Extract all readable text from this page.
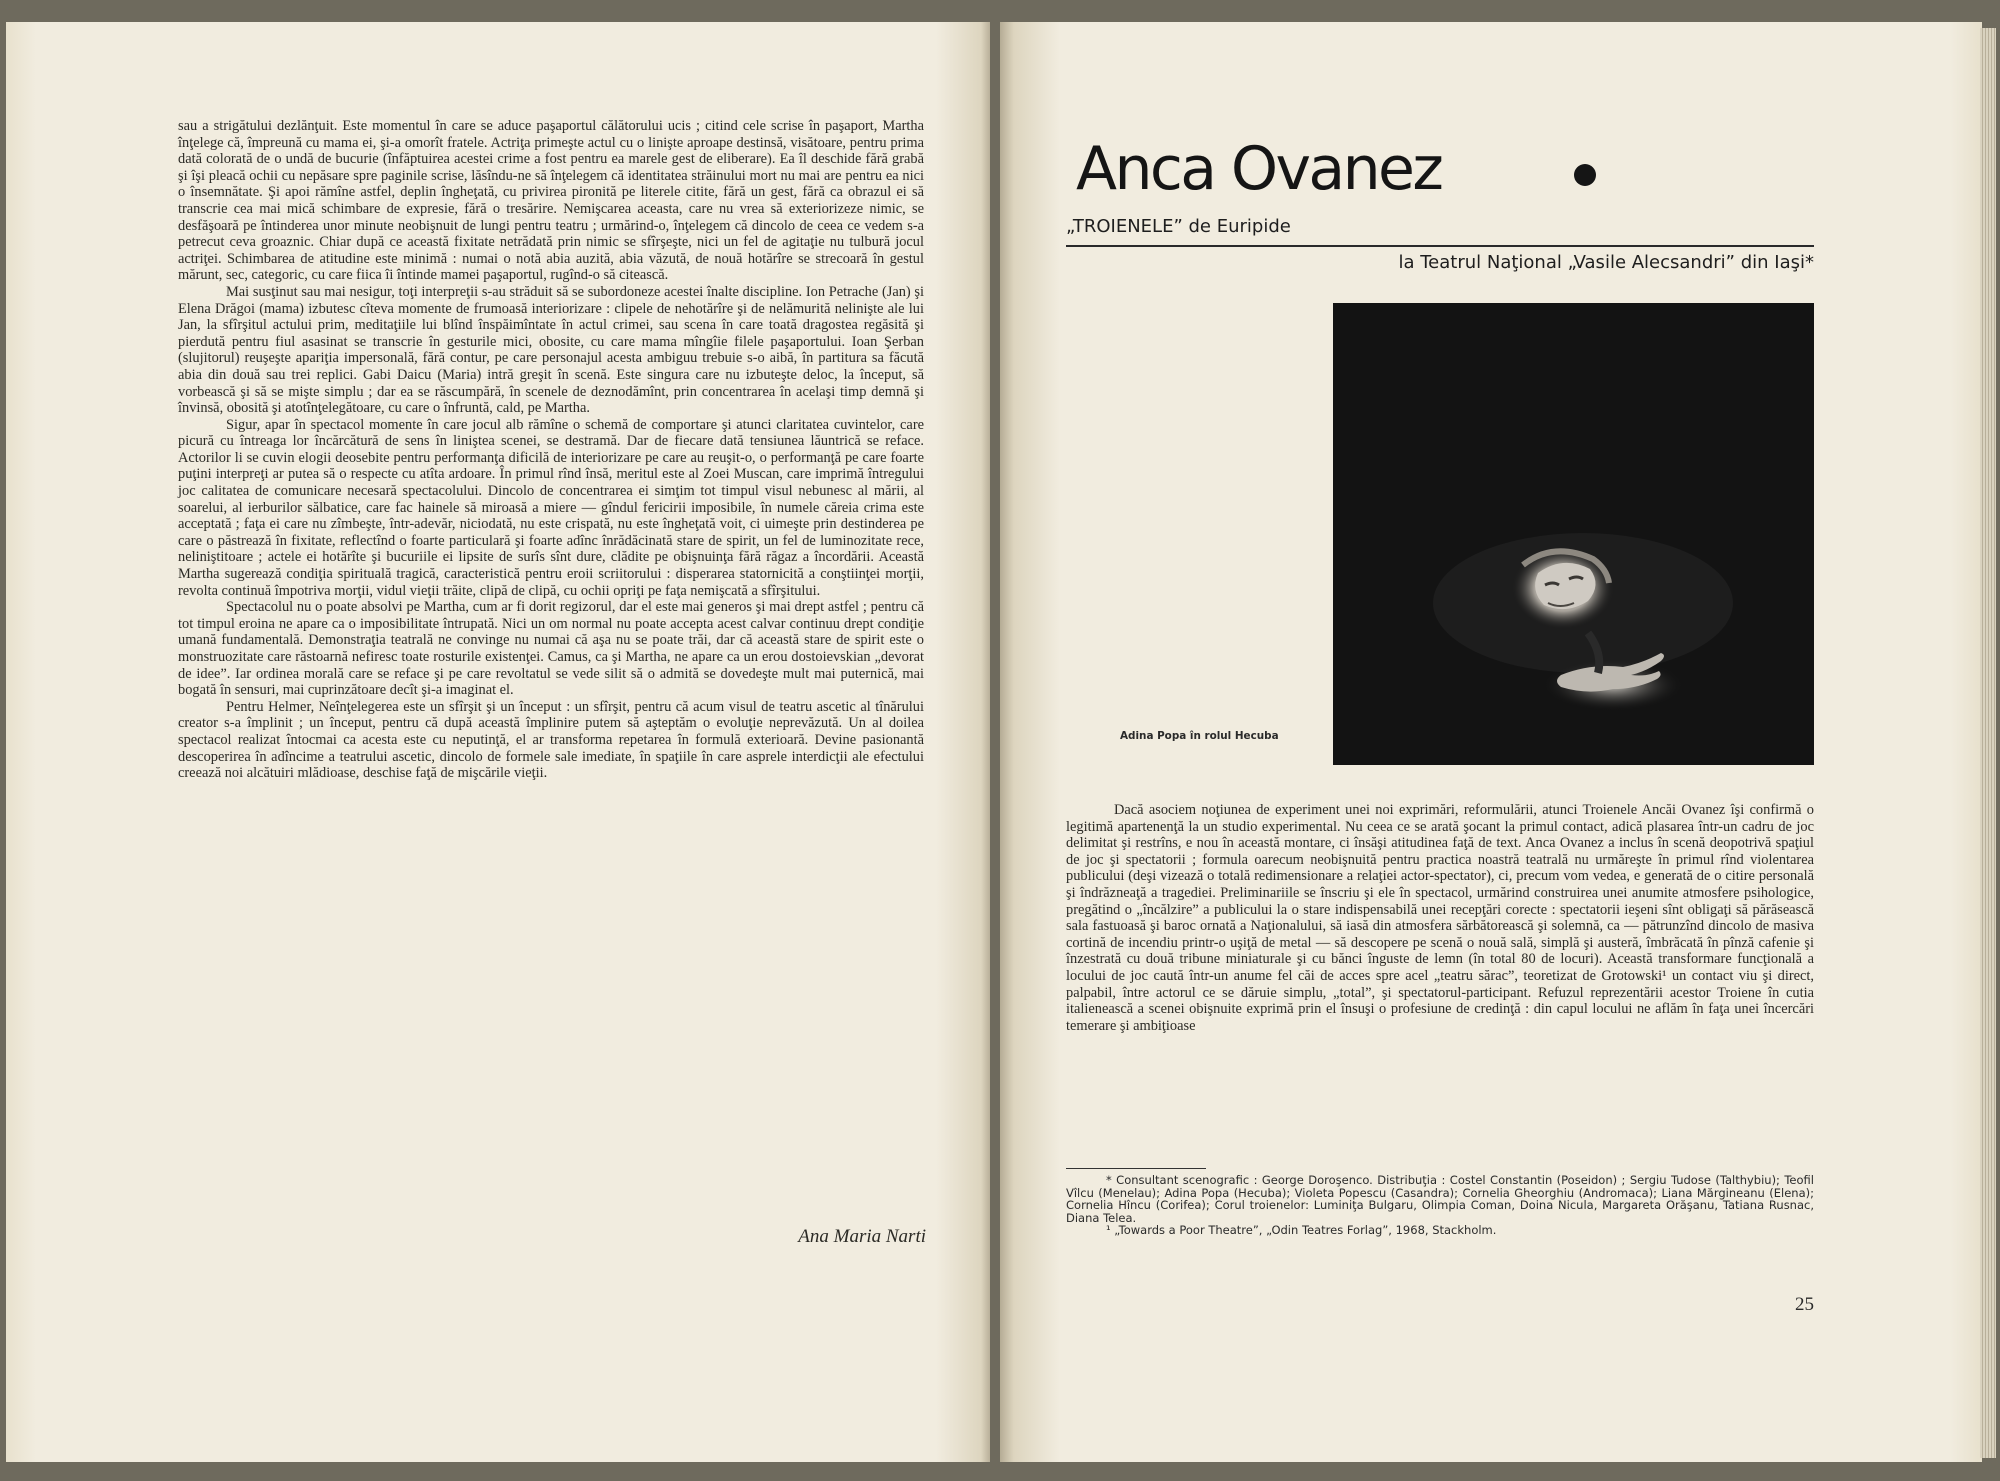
sau a strigătului dezlănţuit. Este momentul în care se aduce paşaportul călătorului ucis ; citind cele scrise în paşaport, Martha înţelege că, împreună cu mama ei, şi-a omorît fratele. Actriţa primeşte actul cu o linişte aproape destinsă, visătoare, pentru prima dată colorată de o undă de bucurie (înfăptuirea acestei crime a fost pentru ea marele gest de eliberare). Ea îl deschide fără grabă şi îşi pleacă ochii cu nepăsare spre paginile scrise, lăsîndu-ne să înţelegem că identitatea străinului mort nu mai are pentru ea nici o însemnătate. Şi apoi rămîne astfel, deplin îngheţată, cu privirea pironită pe literele citite, fără un gest, fără ca obrazul ei să transcrie cea mai mică schimbare de expresie, fără o tresărire. Nemişcarea aceasta, care nu vrea să exteriorizeze nimic, se desfăşoară pe întinderea unor minute neobişnuit de lungi pentru teatru ; urmărind-o, înţelegem că dincolo de ceea ce vedem s-a petrecut ceva groaznic. Chiar după ce această fixitate netrădată prin nimic se sfîrşeşte, nici un fel de agitaţie nu tulbură jocul actriţei. Schimbarea de atitudine este minimă : numai o notă abia auzită, abia văzută, de nouă hotărîre se strecoară în gestul mărunt, sec, categoric, cu care fiica îi întinde mamei paşaportul, rugînd-o să citească.

Mai susţinut sau mai nesigur, toţi interpreţii s-au străduit să se subordoneze acestei înalte discipline. Ion Petrache (Jan) şi Elena Drăgoi (mama) izbutesc cîteva momente de frumoasă interiorizare : clipele de nehotărîre şi de nelămurită nelinişte ale lui Jan, la sfîrşitul actului prim, meditaţiile lui blînd înspăimîntate în actul crimei, sau scena în care toată dragostea regăsită şi pierdută pentru fiul asasinat se transcrie în gesturile mici, obosite, cu care mama mîngîie filele paşaportului. Ioan Şerban (slujitorul) reuşeşte apariţia impersonală, fără contur, pe care personajul acesta ambiguu trebuie s-o aibă, în partitura sa făcută abia din două sau trei replici. Gabi Daicu (Maria) intră greşit în scenă. Este singura care nu izbuteşte deloc, la început, să vorbească şi să se mişte simplu ; dar ea se răscumpără, în scenele de deznodămînt, prin concentrarea în acelaşi timp demnă şi învinsă, obosită şi atotînţelegătoare, cu care o înfruntă, cald, pe Martha.

Sigur, apar în spectacol momente în care jocul alb rămîne o schemă de comportare şi atunci claritatea cuvintelor, care picură cu întreaga lor încărcătură de sens în liniştea scenei, se destramă. Dar de fiecare dată tensiunea lăuntrică se reface. Actorilor li se cuvin elogii deosebite pentru performanţa dificilă de interiorizare pe care au reuşit-o, o performanţă pe care foarte puţini interpreţi ar putea să o respecte cu atîta ardoare. În primul rînd însă, meritul este al Zoei Muscan, care imprimă întregului joc calitatea de comunicare necesară spectacolului. Dincolo de concentrarea ei simţim tot timpul visul nebunesc al mării, al soarelui, al ierburilor sălbatice, care fac hainele să miroasă a miere — gîndul fericirii imposibile, în numele căreia crima este acceptată ; faţa ei care nu zîmbeşte, într-adevăr, niciodată, nu este crispată, nu este îngheţată voit, ci uimeşte prin destinderea pe care o păstrează în fixitate, reflectînd o foarte particulară şi foarte adînc înrădăcinată stare de spirit, un fel de luminozitate rece, neliniştitoare ; actele ei hotărîte şi bucuriile ei lipsite de surîs sînt dure, clădite pe obişnuinţa fără răgaz a încordării. Această Martha sugerează condiţia spirituală tragică, caracteristică pentru eroii scriitorului : disperarea statornicită a conştiinţei morţii, revolta continuă împotriva morţii, vidul vieţii trăite, clipă de clipă, cu ochii opriţi pe faţa nemişcată a sfîrşitului.

Spectacolul nu o poate absolvi pe Martha, cum ar fi dorit regizorul, dar el este mai generos şi mai drept astfel ; pentru că tot timpul eroina ne apare ca o imposibilitate întrupată. Nici un om normal nu poate accepta acest calvar continuu drept condiţie umană fundamentală. Demonstraţia teatrală ne convinge nu numai că aşa nu se poate trăi, dar că această stare de spirit este o monstruozitate care răstoarnă nefiresc toate rosturile existenţei. Camus, ca şi Martha, ne apare ca un erou dostoievskian „devorat de idee”. Iar ordinea morală care se reface şi pe care revoltatul se vede silit să o admită se dovedeşte mult mai puternică, mai bogată în sensuri, mai cuprinzătoare decît şi-a imaginat el.

Pentru Helmer, Neînţelegerea este un sfîrşit şi un început : un sfîrşit, pentru că acum visul de teatru ascetic al tînărului creator s-a împlinit ; un început, pentru că după această împlinire putem să aşteptăm o evoluţie neprevăzută. Un al doilea spectacol realizat întocmai ca acesta este cu neputinţă, el ar transforma repetarea în formulă exterioară. Devine pasionantă descoperirea în adîncime a teatrului ascetic, dincolo de formele sale imediate, în spaţiile în care asprele interdicţii ale efectului creează noi alcătuiri mlădioase, deschise faţă de mişcările vieţii.

Ana Maria Narti
Anca Ovanez
„TROIENELE” de Euripide
la Teatrul Naţional „Vasile Alecsandri” din Iaşi*
Adina Popa în rolul Hecuba

Dacă asociem noţiunea de experiment unei noi exprimări, reformulării, atunci Troienele Ancăi Ovanez îşi confirmă o legitimă apartenenţă la un studio experimental. Nu ceea ce se arată şocant la primul contact, adică plasarea într-un cadru de joc delimitat şi restrîns, e nou în această montare, ci însăşi atitudinea faţă de text. Anca Ovanez a inclus în scenă deopotrivă spaţiul de joc şi spectatorii ; formula oarecum neobişnuită pentru practica noastră teatrală nu urmăreşte în primul rînd violentarea publicului (deşi vizează o totală redimensionare a relaţiei actor-spectator), ci, precum vom vedea, e generată de o citire personală şi îndrăzneaţă a tragediei. Preliminariile se înscriu şi ele în spectacol, urmărind construirea unei anumite atmosfere psihologice, pregătind o „încălzire” a publicului la o stare indispensabilă unei recepţări corecte : spectatorii ieşeni sînt obligaţi să părăsească sala fastuoasă şi baroc ornată a Naţionalului, să iasă din atmosfera sărbătorească şi solemnă, ca — pătrunzînd dincolo de masiva cortină de incendiu printr-o uşiţă de metal — să descopere pe scenă o nouă sală, simplă şi austeră, îmbrăcată în pînză cafenie şi înzestrată cu două tribune miniaturale şi cu bănci înguste de lemn (în total 80 de locuri). Această transformare funcţională a locului de joc caută într-un anume fel căi de acces spre acel „teatru sărac”, teoretizat de Grotowski¹ un contact viu şi direct, palpabil, între actorul ce se dăruie simplu, „total”, şi spectatorul-participant. Refuzul reprezentării acestor Troiene în cutia italienească a scenei obişnuite exprimă prin el însuşi o profesiune de credinţă : din capul locului ne aflăm în faţa unei încercări temerare şi ambiţioase

* Consultant scenografic : George Doroşenco. Distribuţia : Costel Constantin (Poseidon) ; Sergiu Tudose (Talthybiu); Teofil Vîlcu (Menelau); Adina Popa (Hecuba); Violeta Popescu (Casandra); Cornelia Gheorghiu (Andromaca); Liana Mărgineanu (Elena); Cornelia Hîncu (Corifea); Corul troienelor: Luminiţa Bulgaru, Olimpia Coman, Doina Nicula, Margareta Orăşanu, Tatiana Rusnac, Diana Telea.

¹ „Towards a Poor Theatre”, „Odin Teatres Forlag”, 1968, Stackholm.

25
